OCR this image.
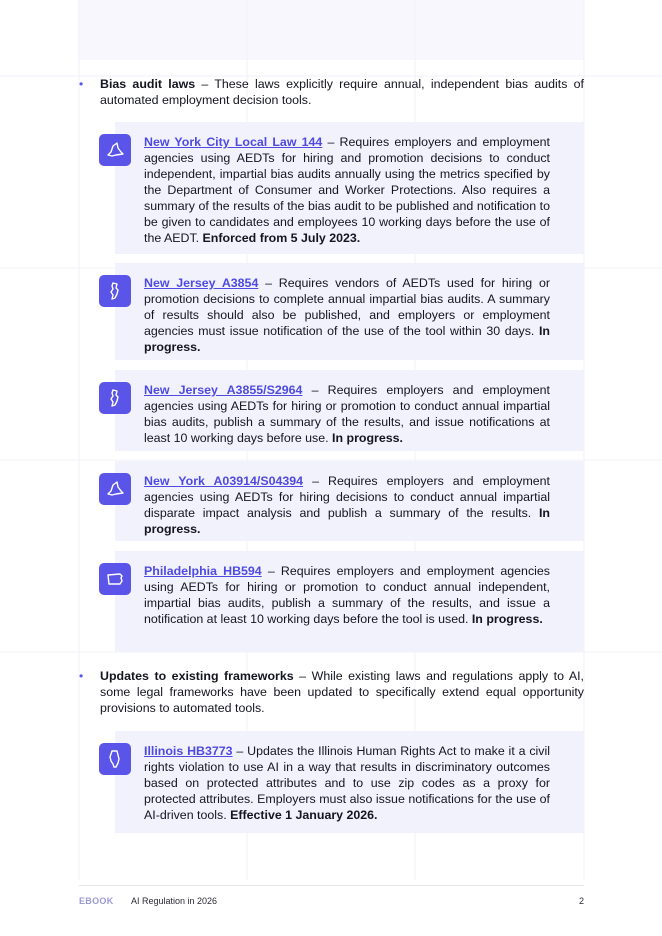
• Bias audit laws – These laws explicitly require annual, independent bias audits of automated employment decision tools.
New York City Local Law 144 – Requires employers and employment agencies using AEDTs for hiring and promotion decisions to conduct independent, impartial bias audits annually using the metrics specified by the Department of Consumer and Worker Protections. Also requires a summary of the results of the bias audit to be published and notification to be given to candidates and employees 10 working days before the use of the AEDT. Enforced from 5 July 2023.
New Jersey A3854 – Requires vendors of AEDTs used for hiring or promotion decisions to complete annual impartial bias audits. A summary of results should also be published, and employers or employment agencies must issue notification of the use of the tool within 30 days. In progress.
New Jersey A3855/S2964 – Requires employers and employment agencies using AEDTs for hiring or promotion to conduct annual impartial bias audits, publish a summary of the results, and issue notifications at least 10 working days before use. In progress.
New York A03914/S04394 – Requires employers and employment agencies using AEDTs for hiring decisions to conduct annual impartial disparate impact analysis and publish a summary of the results. In progress.
Philadelphia HB594 – Requires employers and employment agencies using AEDTs for hiring or promotion to conduct annual independent, impartial bias audits, publish a summary of the results, and issue a notification at least 10 working days before the tool is used. In progress.
• Updates to existing frameworks – While existing laws and regulations apply to AI, some legal frameworks have been updated to specifically extend equal opportunity provisions to automated tools.
Illinois HB3773 – Updates the Illinois Human Rights Act to make it a civil rights violation to use AI in a way that results in discriminatory outcomes based on protected attributes and to use zip codes as a proxy for protected attributes. Employers must also issue notifications for the use of AI-driven tools. Effective 1 January 2026.
EBOOK AI Regulation in 2026	2
